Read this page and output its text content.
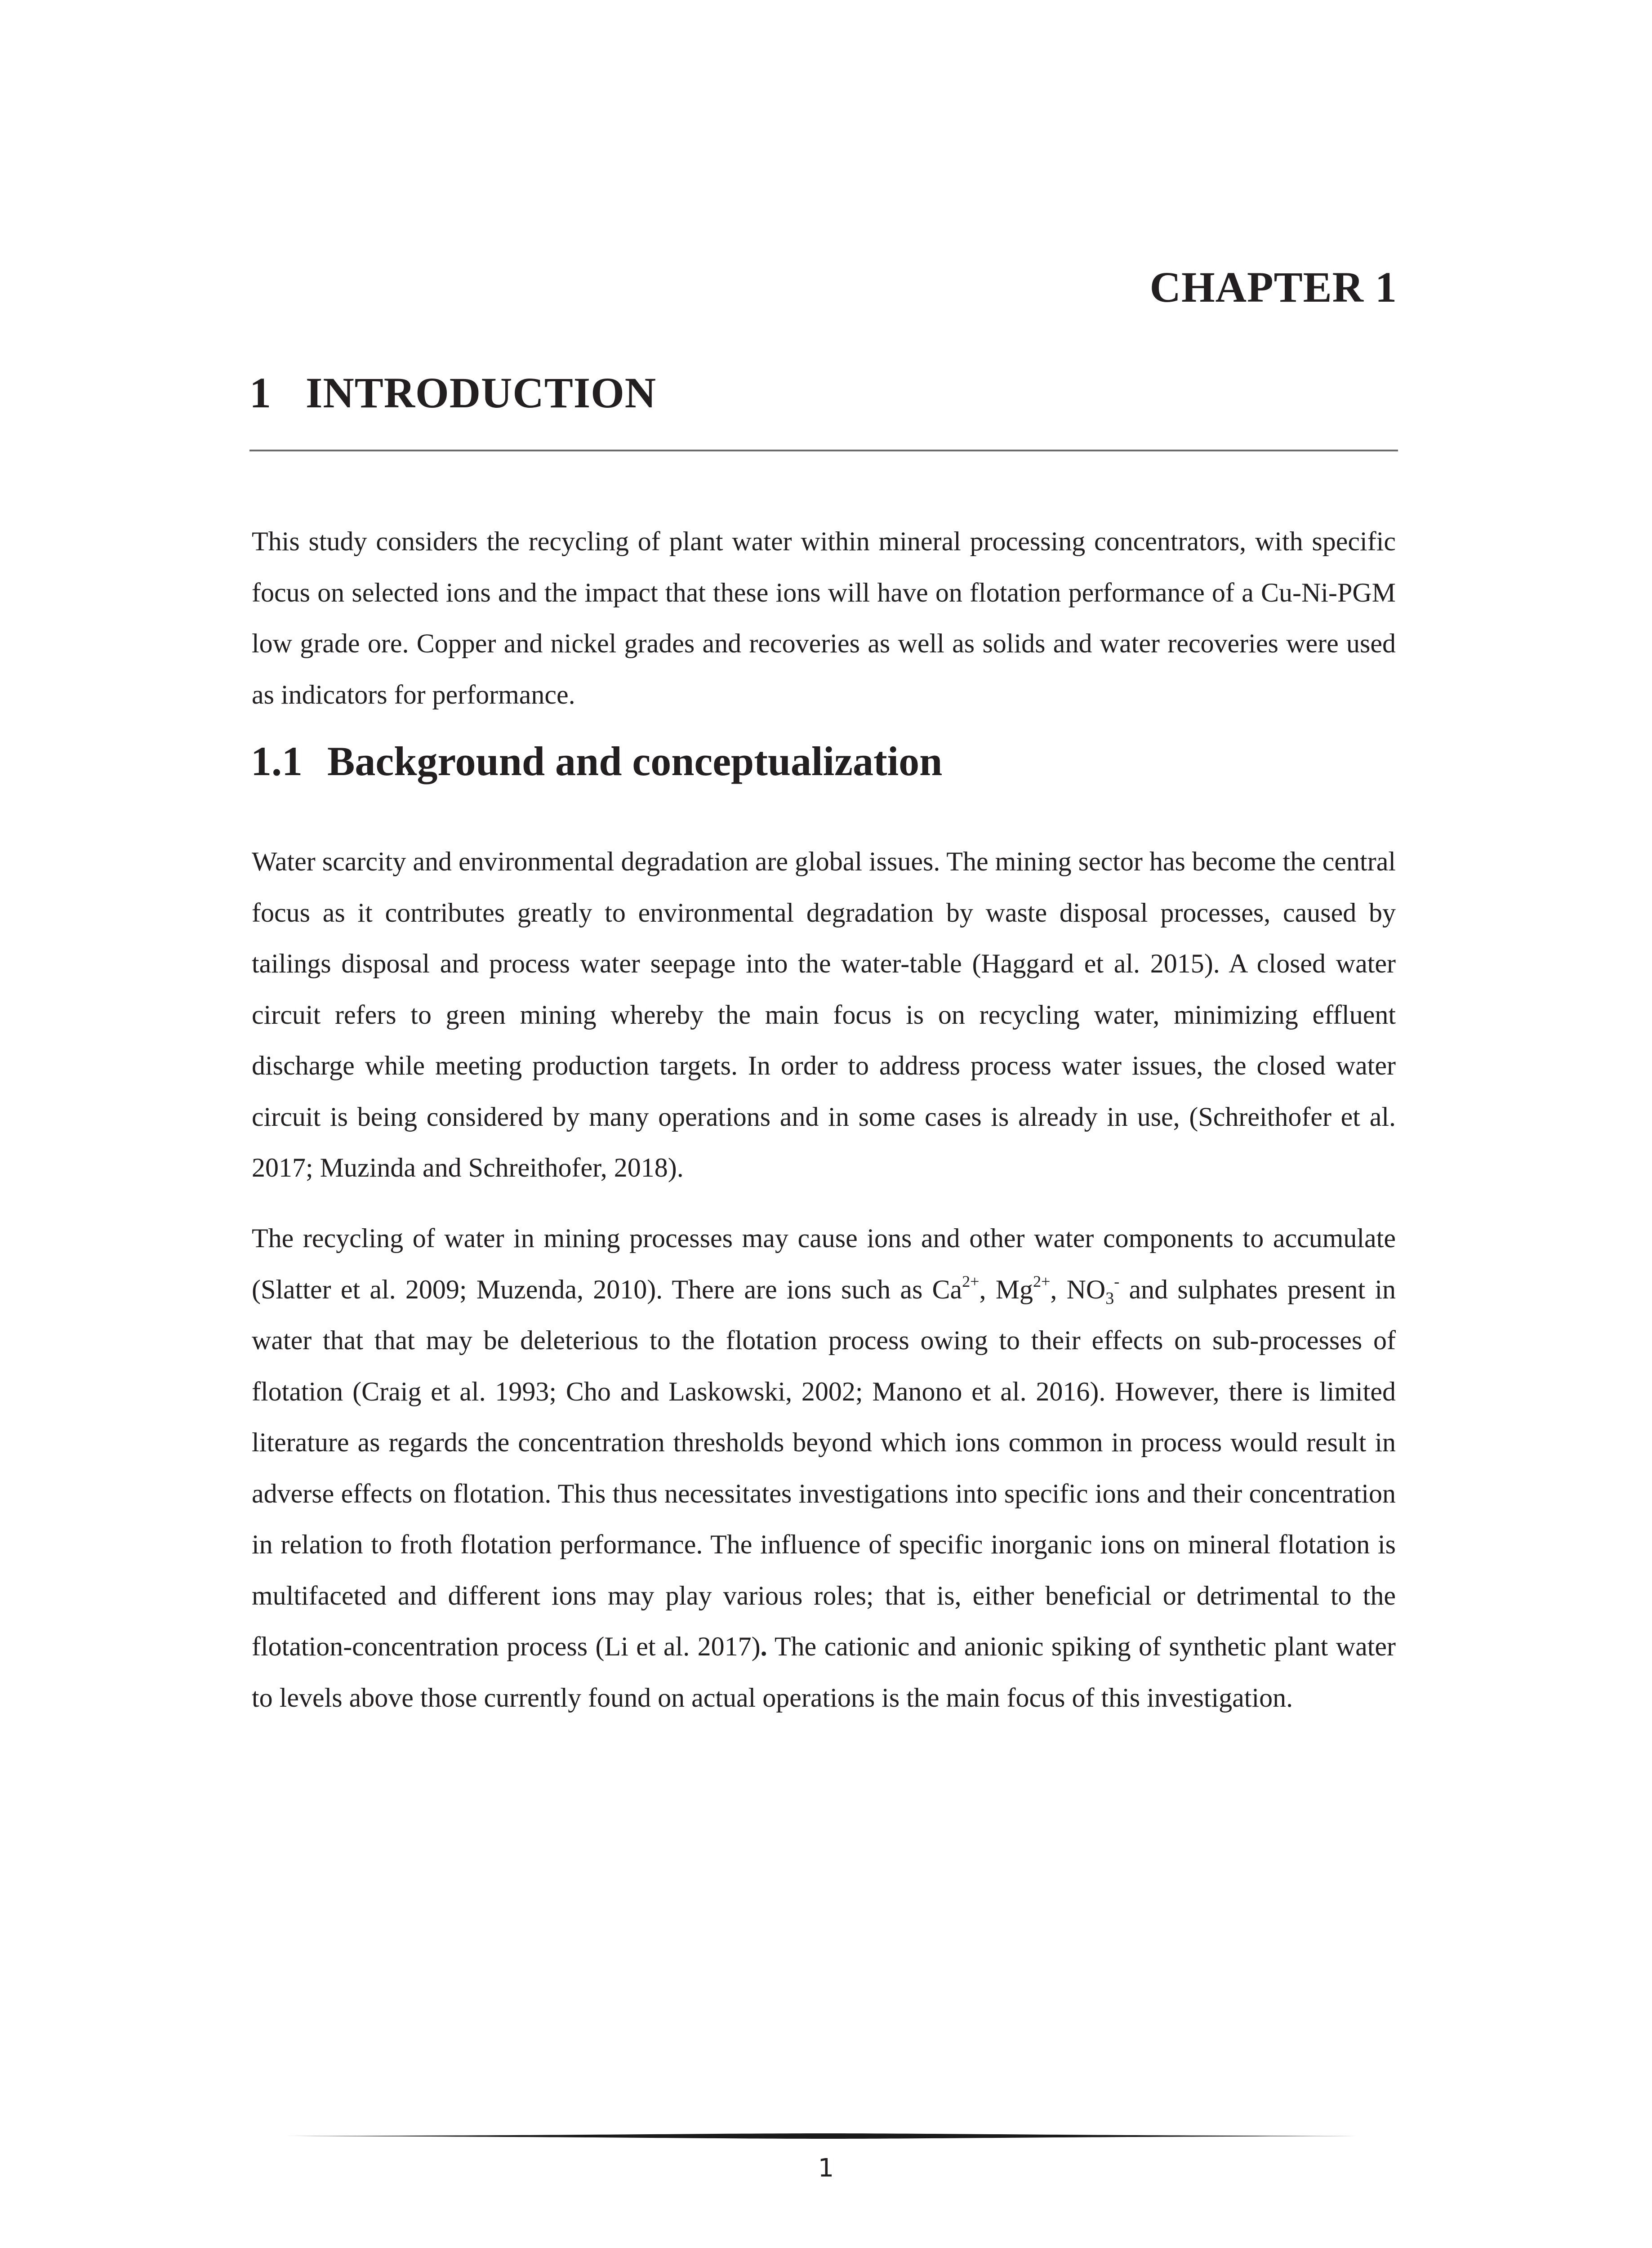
CHAPTER 1
1 INTRODUCTION

This study considers the recycling of plant water within mineral processing concentrators, with specific focus on selected ions and the impact that these ions will have on flotation performance of a Cu-Ni-PGM low grade ore. Copper and nickel grades and recoveries as well as solids and water recoveries were used as indicators for performance.

1.1 Background and conceptualization

Water scarcity and environmental degradation are global issues. The mining sector has become the central focus as it contributes greatly to environmental degradation by waste disposal processes, caused by tailings disposal and process water seepage into the water-table (Haggard et al. 2015). A closed water circuit refers to green mining whereby the main focus is on recycling water, minimizing effluent discharge while meeting production targets. In order to address process water issues, the closed water circuit is being considered by many operations and in some cases is already in use, (Schreithofer et al. 2017; Muzinda and Schreithofer, 2018).

The recycling of water in mining processes may cause ions and other water components to accumulate (Slatter et al. 2009; Muzenda, 2010). There are ions such as $Ca^{2+}$, $Mg^{2+}$, $NO_3^-$ and sulphates present in water that that may be deleterious to the flotation process owing to their effects on sub-processes of flotation (Craig et al. 1993; Cho and Laskowski, 2002; Manono et al. 2016). However, there is limited literature as regards the concentration thresholds beyond which ions common in process would result in adverse effects on flotation. This thus necessitates investigations into specific ions and their concentration in relation to froth flotation performance. The influence of specific inorganic ions on mineral flotation is multifaceted and different ions may play various roles; that is, either beneficial or detrimental to the flotation-concentration process (Li et al. 2017). The cationic and anionic spiking of synthetic plant water to levels above those currently found on actual operations is the main focus of this investigation.

1
